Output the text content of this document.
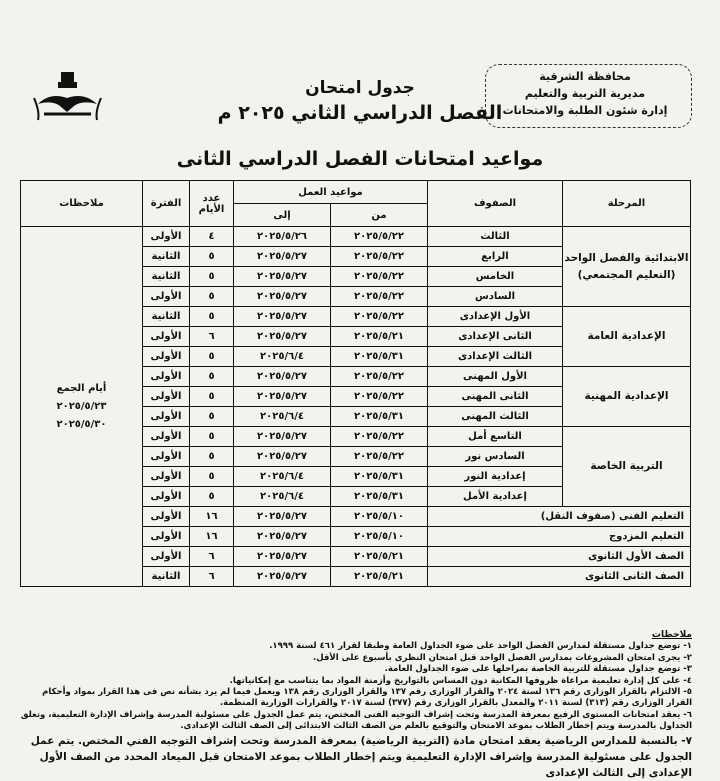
محافظة الشرقية
مديرية التربية والتعليم
إدارة شئون الطلبة والامتحانات
جدول امتحان
الفصل الدراسي الثاني ٢٠٢٥ م
مواعيد امتحانات الفصل الدراسي الثانى
المرحلة	الصفوف	مواعيد العمل		عدد الأيام	الفترة	ملاحظات
		من	إلى			
الابتدائية والفصل الواحد (التعليم المجتمعي)	الثالث	٢٠٢٥/٥/٢٢	٢٠٢٥/٥/٢٦	٤	الأولى	أيام الجمع
٢٠٢٥/٥/٢٣
٢٠٢٥/٥/٣٠

	الرابع	٢٠٢٥/٥/٢٢	٢٠٢٥/٥/٢٧	٥	الثانية	
	الخامس	٢٠٢٥/٥/٢٢	٢٠٢٥/٥/٢٧	٥	الثانية	
	السادس	٢٠٢٥/٥/٢٢	٢٠٢٥/٥/٢٧	٥	الأولى	
الإعدادية العامة	الأول الإعدادى	٢٠٢٥/٥/٢٢	٢٠٢٥/٥/٢٧	٥	الثانية	
	الثانى الإعدادى	٢٠٢٥/٥/٢١	٢٠٢٥/٥/٢٧	٦	الأولى	
	الثالث الإعدادى	٢٠٢٥/٥/٣١	٢٠٢٥/٦/٤	٥	الأولى	
الإعدادية المهنية	الأول المهنى	٢٠٢٥/٥/٢٢	٢٠٢٥/٥/٢٧	٥	الأولى	
	الثانى المهنى	٢٠٢٥/٥/٢٢	٢٠٢٥/٥/٢٧	٥	الأولى	
	الثالث المهنى	٢٠٢٥/٥/٣١	٢٠٢٥/٦/٤	٥	الأولى	
التربية الخاصة	التاسع أمل	٢٠٢٥/٥/٢٢	٢٠٢٥/٥/٢٧	٥	الأولى	
	السادس نور	٢٠٢٥/٥/٢٢	٢٠٢٥/٥/٢٧	٥	الأولى	
	إعدادية النور	٢٠٢٥/٥/٣١	٢٠٢٥/٦/٤	٥	الأولى	
	إعدادية الأمل	٢٠٢٥/٥/٣١	٢٠٢٥/٦/٤	٥	الأولى	
التعليم الفنى (صفوف النقل)		٢٠٢٥/٥/١٠	٢٠٢٥/٥/٢٧	١٦	الأولى	
التعليم المزدوج		٢٠٢٥/٥/١٠	٢٠٢٥/٥/٢٧	١٦	الأولى	
الصف الأول الثانوى		٢٠٢٥/٥/٢١	٢٠٢٥/٥/٢٧	٦	الأولى	
الصف الثانى الثانوى		٢٠٢٥/٥/٢١	٢٠٢٥/٥/٢٧	٦	الثانية	
ملاحظات
١- توضع جداول مستقلة لمدارس الفصل الواحد على ضوء الجداول العامة وطبقا لقرار ٤٦١ لسنة ١٩٩٩.
٢- يجرى امتحان المشروعات بمدارس الفصل الواحد قبل امتحان النظرى بأسبوع على الأقل.
٣- توضع جداول مستقلة للتربية الخاصة بمراحلها على ضوء الجداول العامة.
٤- على كل إدارة تعليمية مراعاة ظروفها المكانية دون المساس بالتواريخ وأزمنة المواد بما يتناسب مع إمكانياتها.
٥- الالتزام بالقرار الوزارى رقم ١٣٦ لسنة ٢٠٢٤ والقرار الوزارى رقم ١٣٧ والقرار الوزارى رقم ١٣٨ ويعمل فيما لم يرد بشأنه نص فى هذا القرار بمواد وأحكام القرار الوزارى رقم (٣١٣) لسنة ٢٠١١ والمعدل بالقرار الوزارى رقم (٣٧٧) لسنة ٢٠١٧ والقرارات الوزارية المنظمة.
٦- يعقد امتحانات المستوى الرفيع بمعرفة المدرسة وتحت إشراف التوجيه الفنى المختص، يتم عمل الجدول على مسئولية المدرسة وإشراف الإدارة التعليمية، وتعلق الجداول بالمدرسة ويتم إخطار الطلاب بموعد الامتحان والتوقيع بالعلم من الصف الثالث الابتدائى إلى الصف الثالث الإعدادى.
٧- بالنسبة للمدارس الرياضية يعقد امتحان مادة (التربية الرياضية) بمعرفة المدرسة وتحت إشراف التوجيه الفني المختص. يتم عمل الجدول على مسئولية المدرسة وإشراف الإدارة التعليمية ويتم إخطار الطلاب بموعد الامتحان قبل الميعاد المحدد من الصف الأول الإعدادى إلى الثالث الإعدادى
